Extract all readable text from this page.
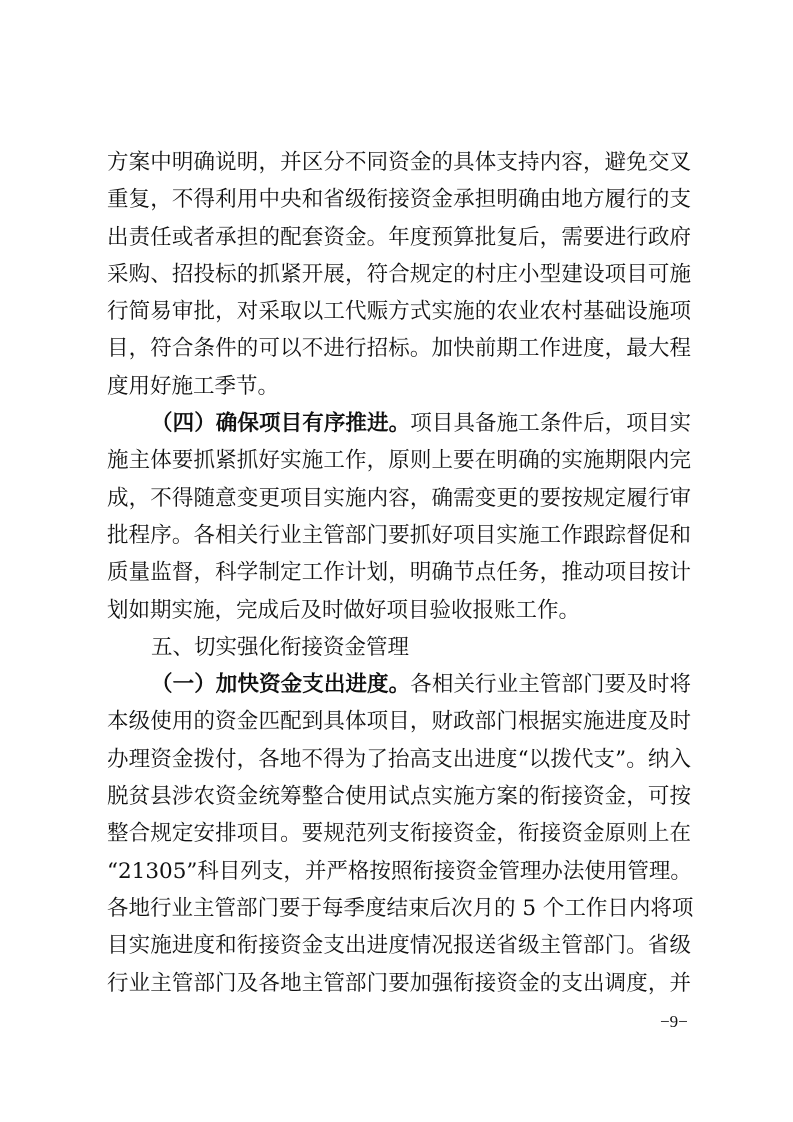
方案中明确说明，并区分不同资金的具体支持内容，避免交叉
重复，不得利用中央和省级衔接资金承担明确由地方履行的支
出责任或者承担的配套资金。年度预算批复后，需要进行政府
采购、招投标的抓紧开展，符合规定的村庄小型建设项目可施
行简易审批，对采取以工代赈方式实施的农业农村基础设施项
目，符合条件的可以不进行招标。加快前期工作进度，最大程
度用好施工季节。
（四）确保项目有序推进。项目具备施工条件后，项目实
施主体要抓紧抓好实施工作，原则上要在明确的实施期限内完
成，不得随意变更项目实施内容，确需变更的要按规定履行审
批程序。各相关行业主管部门要抓好项目实施工作跟踪督促和
质量监督，科学制定工作计划，明确节点任务，推动项目按计
划如期实施，完成后及时做好项目验收报账工作。
五、切实强化衔接资金管理
（一）加快资金支出进度。各相关行业主管部门要及时将
本级使用的资金匹配到具体项目，财政部门根据实施进度及时
办理资金拨付，各地不得为了抬高支出进度“以拨代支”。纳入
脱贫县涉农资金统筹整合使用试点实施方案的衔接资金，可按
整合规定安排项目。要规范列支衔接资金，衔接资金原则上在
“21305”科目列支，并严格按照衔接资金管理办法使用管理。
各地行业主管部门要于每季度结束后次月的 5 个工作日内将项
目实施进度和衔接资金支出进度情况报送省级主管部门。省级
行业主管部门及各地主管部门要加强衔接资金的支出调度，并
−9−
